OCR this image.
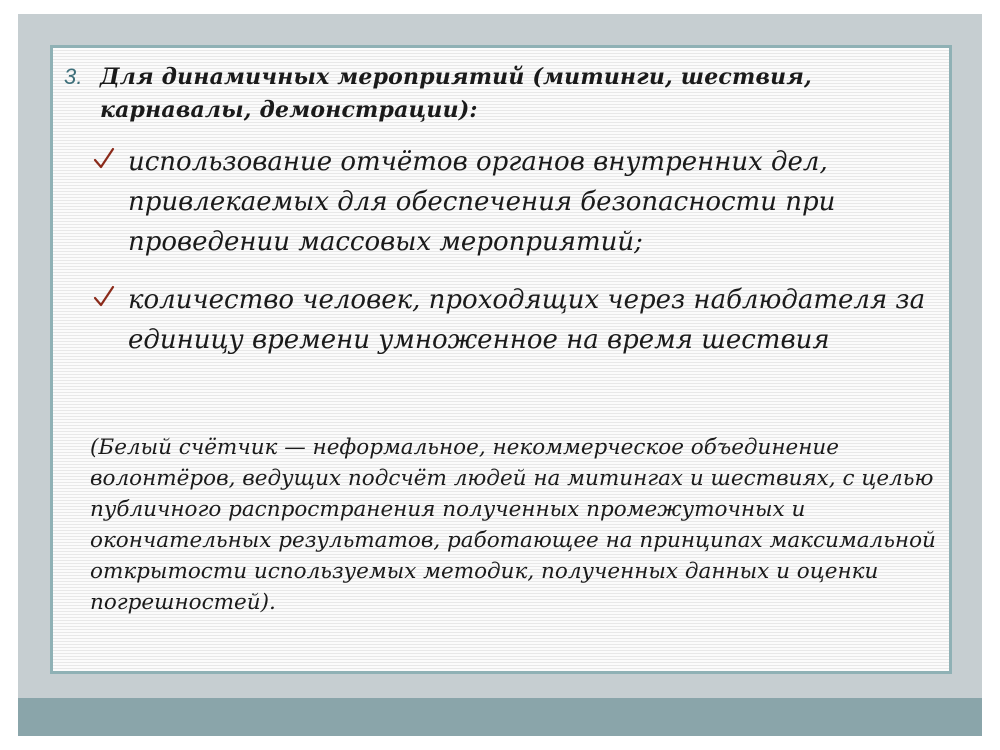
3. Для динамичных мероприятий (митинги, шествия,
карнавалы, демонстрации):
использование отчётов органов внутренних дел, привлекаемых для обеспечения безопасности при проведении массовых мероприятий;
количество человек, проходящих через наблюдателя за единицу времени умноженное на время шествия
(Белый счётчик — неформальное, некоммерческое объединение волонтёров, ведущих подсчёт людей на митингах и шествиях, с целью публичного распространения полученных промежуточных и окончательных результатов, работающее на принципах максимальной открытости используемых методик, полученных данных и оценки погрешностей).
